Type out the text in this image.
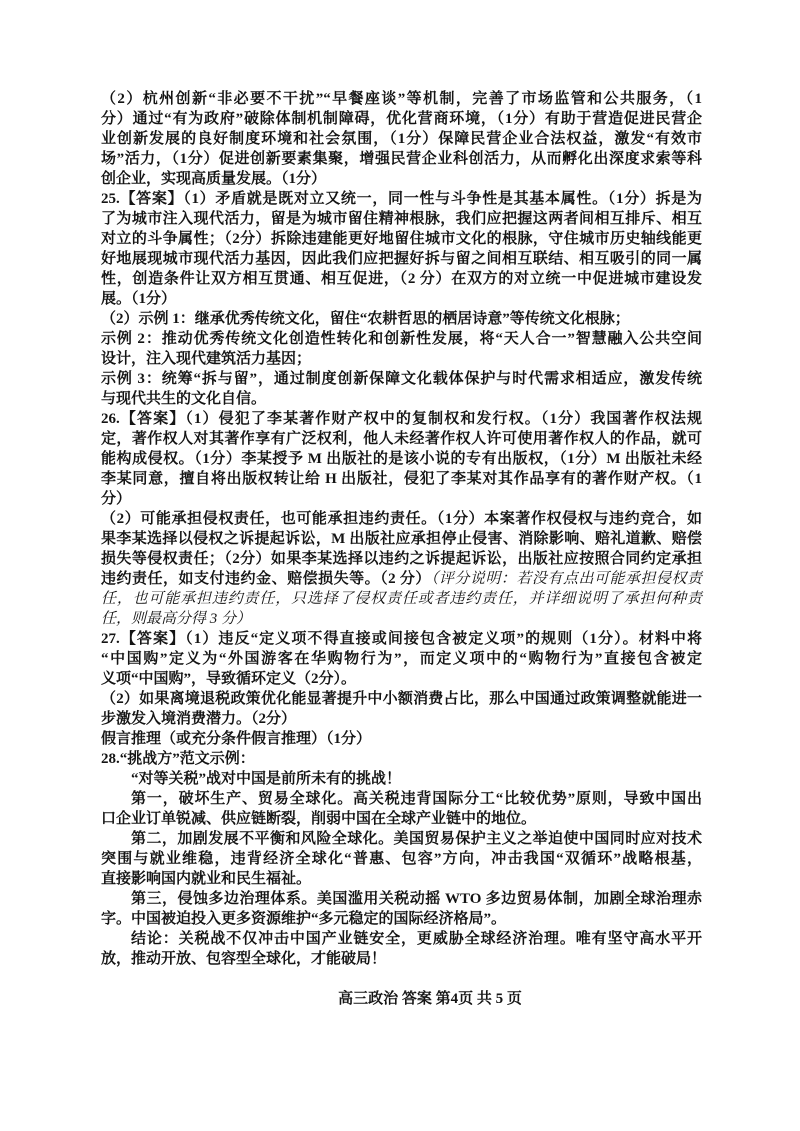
（2）杭州创新“非必要不干扰”“早餐座谈”等机制，完善了市场监管和公共服务，（1
分）通过“有为政府”破除体制机制障碍，优化营商环境，（1分）有助于营造促进民营企
业创新发展的良好制度环境和社会氛围，（1分）保障民营企业合法权益，激发“有效市
场”活力，（1分）促进创新要素集聚，增强民营企业科创活力，从而孵化出深度求索等科
创企业，实现高质量发展。（1分）
25.【答案】（1）矛盾就是既对立又统一，同一性与斗争性是其基本属性。（1分）拆是为
了为城市注入现代活力，留是为城市留住精神根脉，我们应把握这两者间相互排斥、相互
对立的斗争属性；（2分）拆除违建能更好地留住城市文化的根脉，守住城市历史轴线能更
好地展现城市现代活力基因，因此我们应把握好拆与留之间相互联结、相互吸引的同一属
性，创造条件让双方相互贯通、相互促进，（2 分）在双方的对立统一中促进城市建设发
展。（1分）
（2）示例 1：继承优秀传统文化，留住“农耕哲思的栖居诗意”等传统文化根脉；
示例 2：推动优秀传统文化创造性转化和创新性发展，将“天人合一”智慧融入公共空间
设计，注入现代建筑活力基因；
示例 3：统筹“拆与留”，通过制度创新保障文化载体保护与时代需求相适应，激发传统
与现代共生的文化自信。
26.【答案】（1）侵犯了李某著作财产权中的复制权和发行权。（1分）我国著作权法规
定，著作权人对其著作享有广泛权利，他人未经著作权人许可使用著作权人的作品，就可
能构成侵权。（1分）李某授予 M 出版社的是该小说的专有出版权，（1分）M 出版社未经
李某同意，擅自将出版权转让给 H 出版社，侵犯了李某对其作品享有的著作财产权。（1
分）
（2）可能承担侵权责任，也可能承担违约责任。（1分）本案著作权侵权与违约竞合，如
果李某选择以侵权之诉提起诉讼，M 出版社应承担停止侵害、消除影响、赔礼道歉、赔偿
损失等侵权责任；（2分）如果李某选择以违约之诉提起诉讼，出版社应按照合同约定承担
违约责任，如支付违约金、赔偿损失等。（2 分）（评分说明：若没有点出可能承担侵权责
任，也可能承担违约责任，只选择了侵权责任或者违约责任，并详细说明了承担何种责
任，则最高分得 3 分）
27.【答案】（1）违反“定义项不得直接或间接包含被定义项”的规则（1分）。材料中将
“中国购”定义为“外国游客在华购物行为”，而定义项中的“购物行为”直接包含被定
义项“中国购”，导致循环定义（2分）。
（2）如果离境退税政策优化能显著提升中小额消费占比，那么中国通过政策调整就能进一
步激发入境消费潜力。（2分）
假言推理（或充分条件假言推理）（1分）
28.“挑战方”范文示例：
“对等关税”战对中国是前所未有的挑战！
第一，破坏生产、贸易全球化。高关税违背国际分工“比较优势”原则，导致中国出
口企业订单锐减、供应链断裂，削弱中国在全球产业链中的地位。
第二，加剧发展不平衡和风险全球化。美国贸易保护主义之举迫使中国同时应对技术
突围与就业维稳，违背经济全球化“普惠、包容”方向，冲击我国“双循环”战略根基，
直接影响国内就业和民生福祉。
第三，侵蚀多边治理体系。美国滥用关税动摇 WTO 多边贸易体制，加剧全球治理赤
字。中国被迫投入更多资源维护“多元稳定的国际经济格局”。
结论：关税战不仅冲击中国产业链安全，更威胁全球经济治理。唯有坚守高水平开
放，推动开放、包容型全球化，才能破局！
高三政治 答案 第4页 共 5 页
